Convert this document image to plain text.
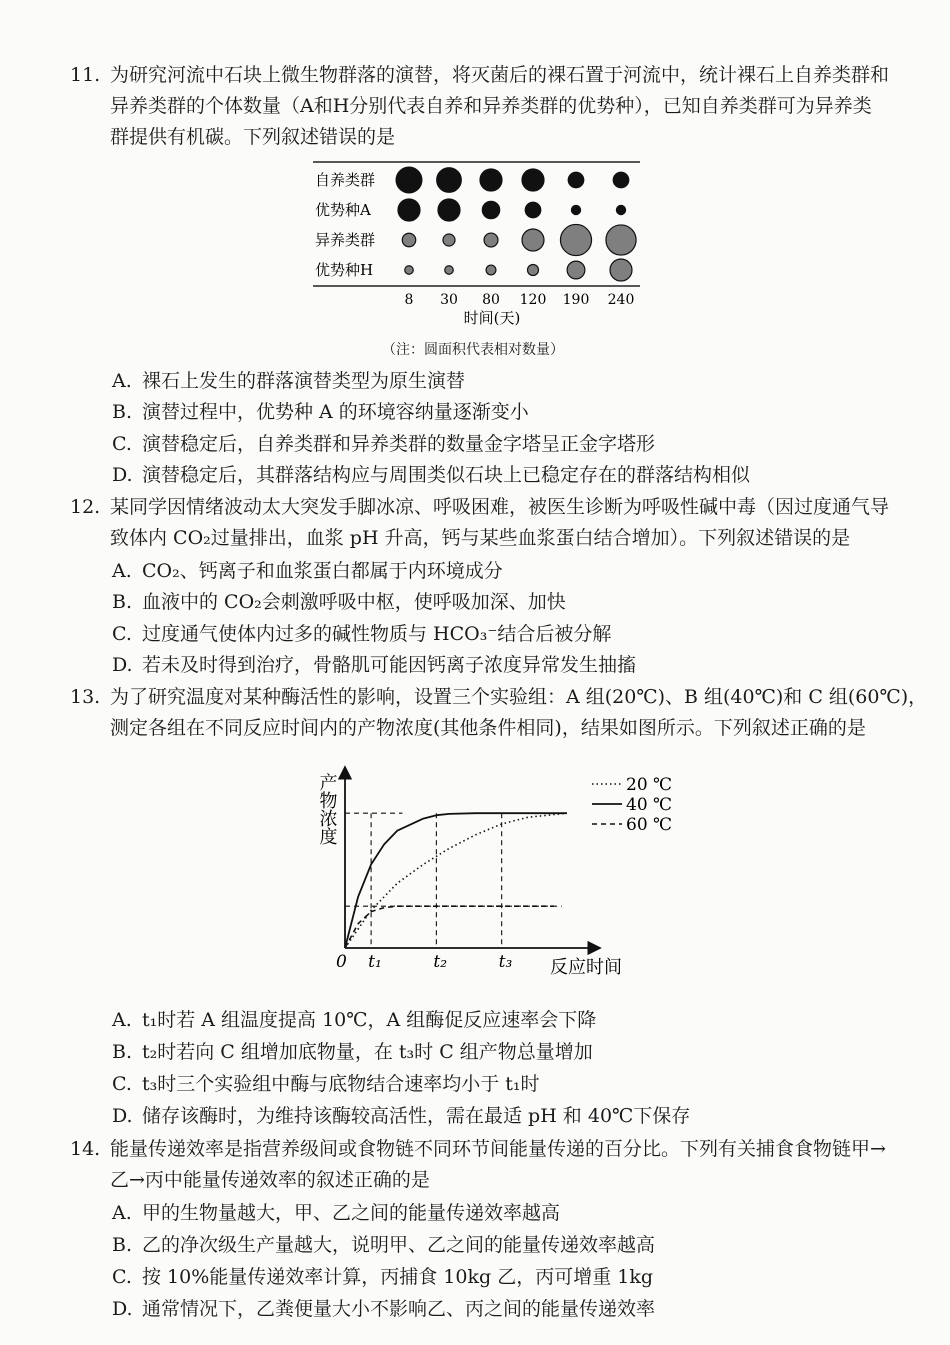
11. 为研究河流中石块上微生物群落的演替，将灭菌后的裸石置于河流中，统计裸石上自养类群和
异养类群的个体数量（A和H分别代表自养和异养类群的优势种），已知自养类群可为异养类
群提供有机碳。下列叙述错误的是
时间(天)
自养类群
优势种A
异养类群
优势种H
8 30 80 120 190 240
（注：圆面积代表相对数量）
A. 裸石上发生的群落演替类型为原生演替
B. 演替过程中，优势种 A 的环境容纳量逐渐变小
C. 演替稳定后，自养类群和异养类群的数量金字塔呈正金字塔形
D. 演替稳定后，其群落结构应与周围类似石块上已稳定存在的群落结构相似
12. 某同学因情绪波动太大突发手脚冰凉、呼吸困难，被医生诊断为呼吸性碱中毒（因过度通气导
致体内 CO₂过量排出，血浆 pH 升高，钙与某些血浆蛋白结合增加）。下列叙述错误的是
A. CO₂、钙离子和血浆蛋白都属于内环境成分
B. 血液中的 CO₂会刺激呼吸中枢，使呼吸加深、加快
C. 过度通气使体内过多的碱性物质与 HCO₃⁻结合后被分解
D. 若未及时得到治疗，骨骼肌可能因钙离子浓度异常发生抽搐
13. 为了研究温度对某种酶活性的影响，设置三个实验组：A 组(20℃)、B 组(40℃)和 C 组(60℃)，
测定各组在不同反应时间内的产物浓度(其他条件相同)，结果如图所示。下列叙述正确的是
产物浓度
反应时间
0 t₁	t₂	t₃
20 ℃
40 ℃
60 ℃
A. t₁时若 A 组温度提高 10℃，A 组酶促反应速率会下降
B. t₂时若向 C 组增加底物量，在 t₃时 C 组产物总量增加
C. t₃时三个实验组中酶与底物结合速率均小于 t₁时
D. 储存该酶时，为维持该酶较高活性，需在最适 pH 和 40℃下保存
14. 能量传递效率是指营养级间或食物链不同环节间能量传递的百分比。下列有关捕食食物链甲→
乙→丙中能量传递效率的叙述正确的是
A. 甲的生物量越大，甲、乙之间的能量传递效率越高
B. 乙的净次级生产量越大，说明甲、乙之间的能量传递效率越高
C. 按 10%能量传递效率计算，丙捕食 10kg 乙，丙可增重 1kg
D. 通常情况下，乙粪便量大小不影响乙、丙之间的能量传递效率
